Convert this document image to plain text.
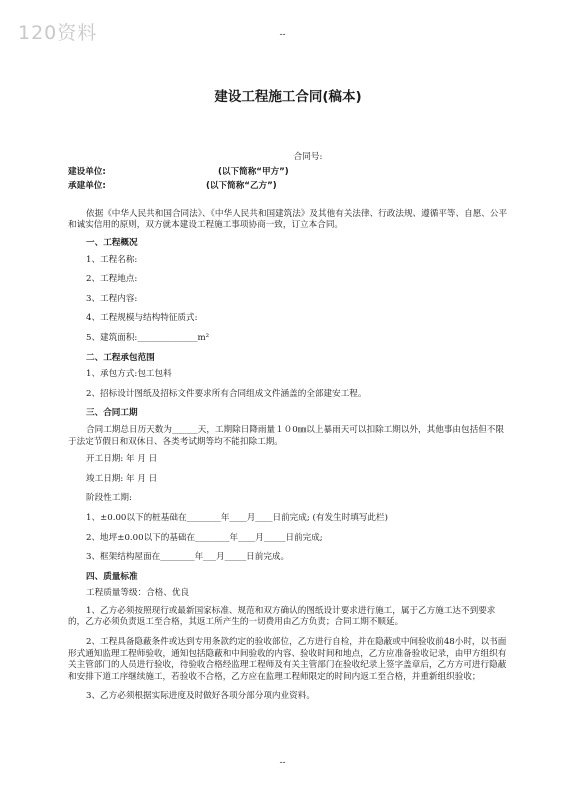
120资料	--
建设工程施工合同(稿本)
合同号:
建设单位:	(以下简称“甲方”)
承建单位:	(以下简称“乙方”)
依据《中华人民共和国合同法》、《中华人民共和国建筑法》及其他有关法律、行政法规、遵循平等、自愿、公平和诚实信用的原则，双方就本建设工程施工事项协商一致，订立本合同。
一、工程概况
1、工程名称:
2、工程地点:
3、工程内容:
4、工程规模与结构特征质式:
5、建筑面积:______________m²
二、工程承包范围
1、承包方式:包工包料
2、招标设计图纸及招标文件要求所有合同组成文件涵盖的全部建安工程。
三、合同工期
合同工期总日历天数为______天，工期除日降雨量１０0㎜以上暴雨天可以扣除工期以外，其他事由包括但不限于法定节假日和双休日、各类考试期等均不能扣除工期。
开工日期: 年 月 日
竣工日期: 年 月 日
阶段性工期:
1、±0.00以下的桩基础在________年____月____日前完成; (有发生时填写此栏)
2、地坪±0.00以下的基础在________年____月_____日前完成;
3、框架结构屋面在________年___月_____日前完成。
四、质量标准
工程质量等级：合格、优良
1、乙方必须按照现行或最新国家标准、规范和双方确认的图纸设计要求进行施工，属于乙方施工达不到要求的，乙方必须负责返工至合格，其返工所产生的一切费用由乙方负责；合同工期不顺延。
2、工程具备隐蔽条件或达到专用条款约定的验收部位，乙方进行自检，并在隐蔽或中间验收前48小时，以书面形式通知监理工程师验收，通知包括隐蔽和中间验收的内容、验收时间和地点，乙方应准备验收记录，由甲方组织有关主管部门的人员进行验收，待验收合格经监理工程师及有关主管部门在验收纪录上签字盖章后，乙方方可进行隐蔽和安排下道工序继续施工，若验收不合格，乙方应在监理工程师限定的时间内返工至合格，并重新组织验收；
3、乙方必须根据实际进度及时做好各项分部分项内业资料。
--
